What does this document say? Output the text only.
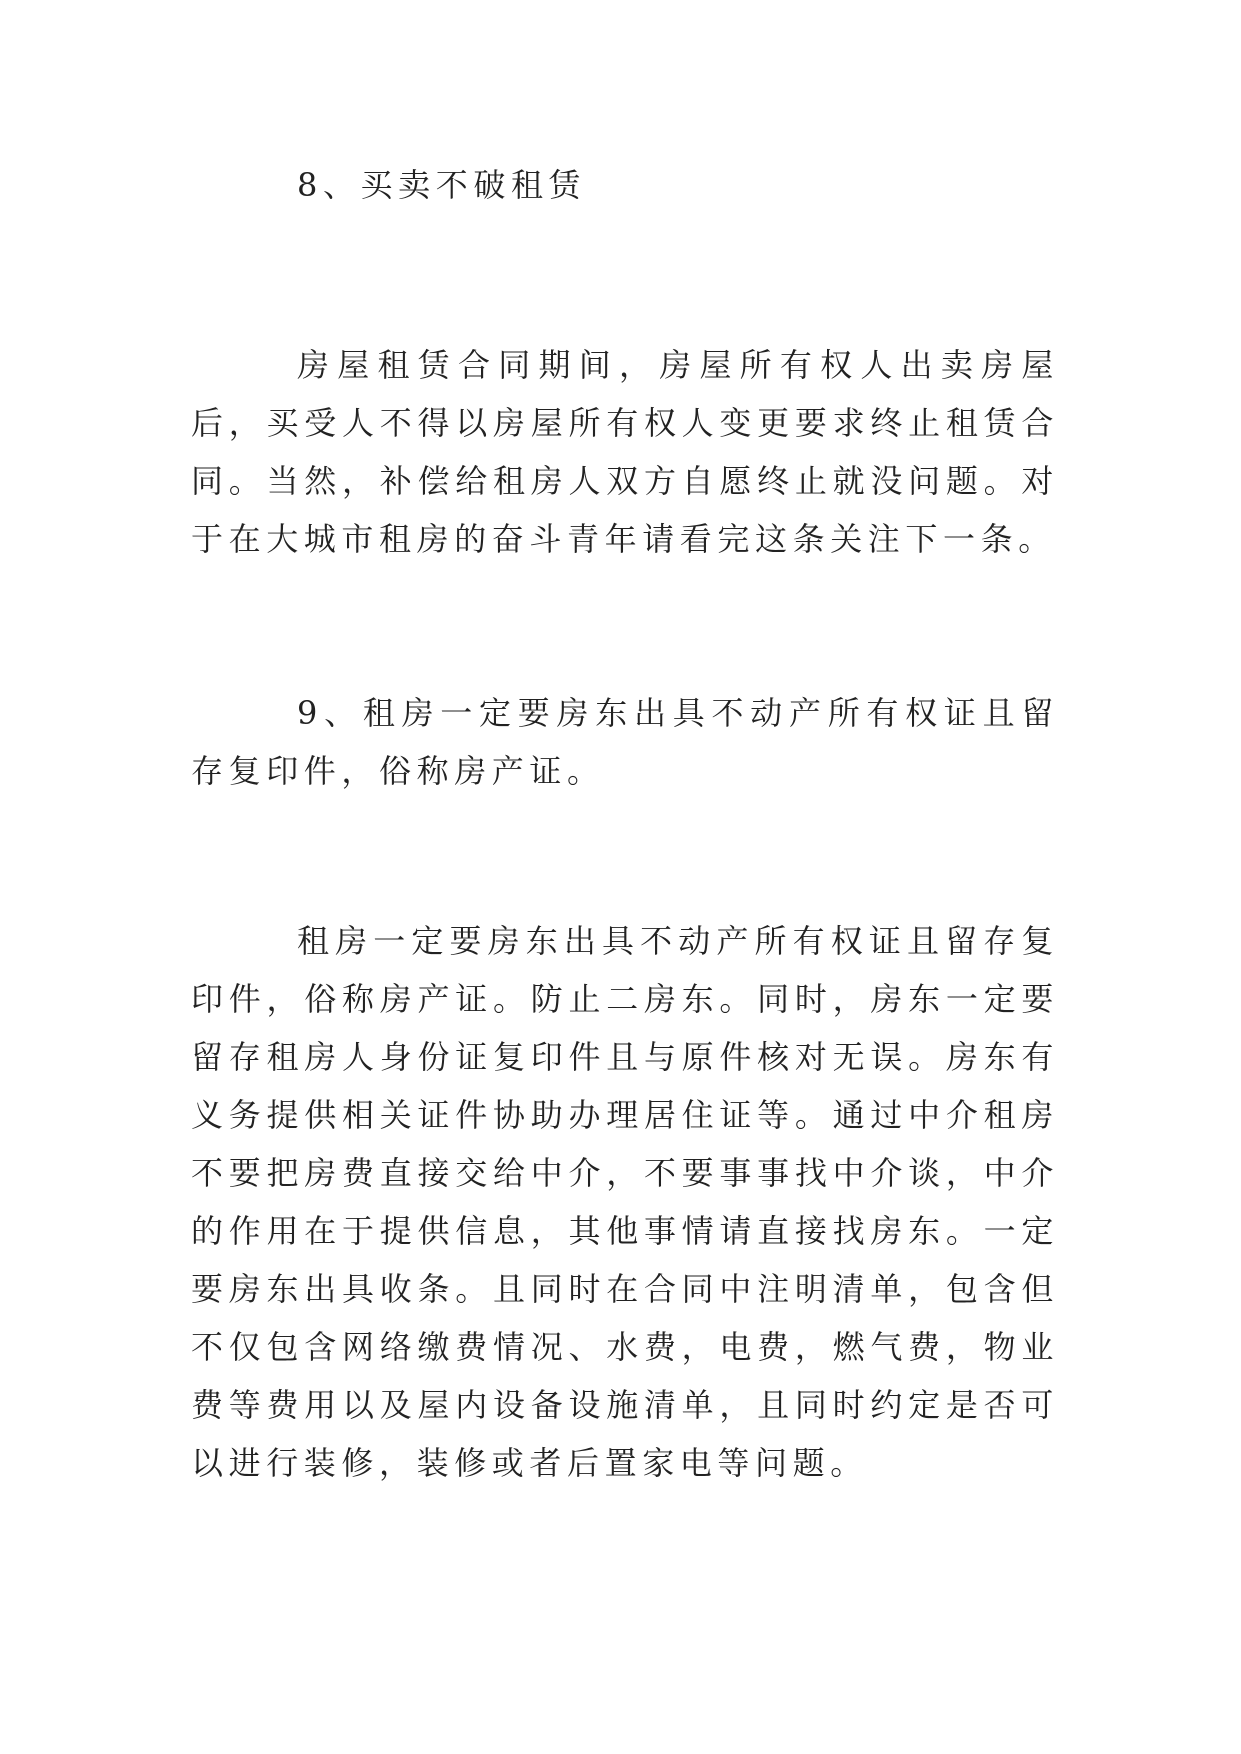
8、买卖不破租赁

房屋租赁合同期间，房屋所有权人出卖房屋后，买受人不得以房屋所有权人变更要求终止租赁合同。当然，补偿给租房人双方自愿终止就没问题。对于在大城市租房的奋斗青年请看完这条关注下一条。

9、租房一定要房东出具不动产所有权证且留存复印件，俗称房产证。

租房一定要房东出具不动产所有权证且留存复印件，俗称房产证。防止二房东。同时，房东一定要留存租房人身份证复印件且与原件核对无误。房东有义务提供相关证件协助办理居住证等。通过中介租房不要把房费直接交给中介，不要事事找中介谈，中介的作用在于提供信息，其他事情请直接找房东。一定要房东出具收条。且同时在合同中注明清单，包含但不仅包含网络缴费情况、水费，电费，燃气费，物业费等费用以及屋内设备设施清单，且同时约定是否可以进行装修，装修或者后置家电等问题。
